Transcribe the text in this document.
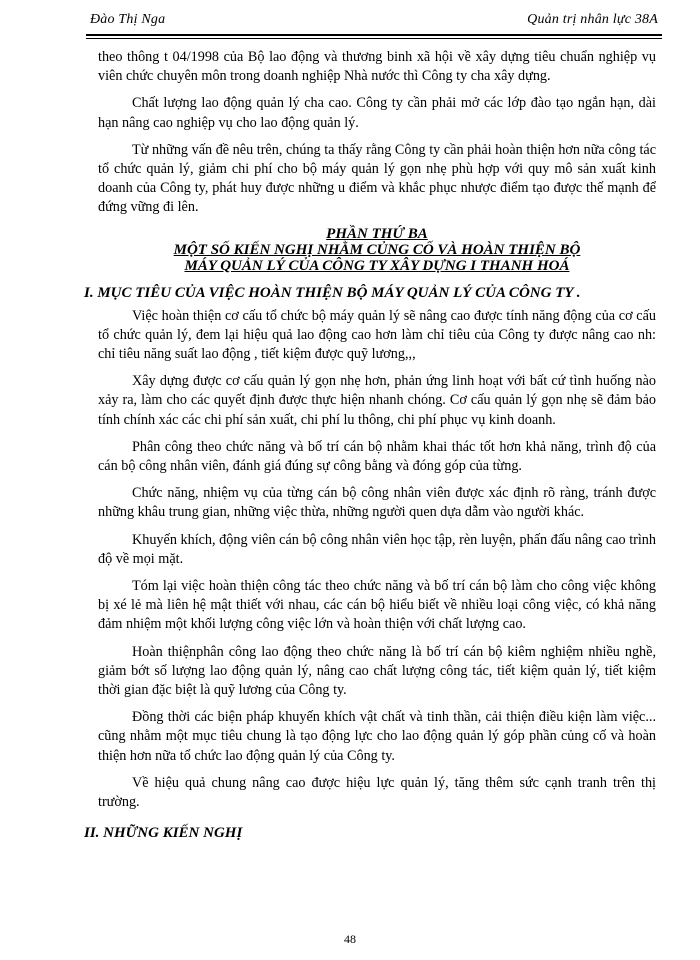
Đào Thị Nga	Quản trị nhân lực 38A

theo thông t 04/1998 của Bộ lao động và thương binh xã hội về xây dựng tiêu chuẩn nghiệp vụ viên chức chuyên môn trong doanh nghiệp Nhà nước thì Công ty cha xây dựng.

Chất lượng lao động quản lý cha cao. Công ty cần phải mở các lớp đào tạo ngắn hạn, dài hạn nâng cao nghiệp vụ cho lao động quản lý.

Từ những vấn đề nêu trên, chúng ta thấy rằng Công ty cần phải hoàn thiện hơn nữa công tác tổ chức quản lý, giảm chi phí cho bộ máy quản lý gọn nhẹ phù hợp với quy mô sản xuất kinh doanh của Công ty, phát huy được những u điểm và khắc phục nhược điểm tạo được thế mạnh để đứng vững đi lên.

PHẦN THỨ BA
MỘT SỐ KIẾN NGHỊ NHẰM CỦNG CỐ VÀ HOÀN THIỆN BỘ
MÁY QUẢN LÝ CỦA CÔNG TY XÂY DỰNG I THANH HOÁ
I. MỤC TIÊU CỦA VIỆC HOÀN THIỆN BỘ MÁY QUẢN LÝ CỦA CÔNG TY .

Việc hoàn thiện cơ cấu tổ chức bộ máy quản lý sẽ nâng cao được tính năng động của cơ cấu tổ chức quản lý, đem lại hiệu quả lao động cao hơn làm chỉ tiêu của Công ty được nâng cao nh: chỉ tiêu năng suất lao động , tiết kiệm được quỹ lương,,,

Xây dựng được cơ cấu quản lý gọn nhẹ hơn, phản ứng linh hoạt với bất cứ tình huống nào xảy ra, làm cho các quyết định được thực hiện nhanh chóng. Cơ cấu quản lý gọn nhẹ sẽ đảm bảo tính chính xác các chi phí sản xuất, chi phí lu thông, chi phí phục vụ kinh doanh.

Phân công theo chức năng và bố trí cán bộ nhằm khai thác tốt hơn khả năng, trình độ của cán bộ công nhân viên, đánh giá đúng sự công bằng và đóng góp của từng.

Chức năng, nhiệm vụ của từng cán bộ công nhân viên được xác định rõ ràng, tránh được những khâu trung gian, những việc thừa, những người quen dựa dẫm vào người khác.

Khuyến khích, động viên cán bộ công nhân viên học tập, rèn luyện, phấn đấu nâng cao trình độ về mọi mặt.

Tóm lại việc hoàn thiện công tác theo chức năng và bố trí cán bộ làm cho công việc không bị xé lẻ mà liên hệ mật thiết với nhau, các cán bộ hiểu biết về nhiều loại công việc, có khả năng đảm nhiệm một khối lượng công việc lớn và hoàn thiện với chất lượng cao.

Hoàn thiệnphân công lao động theo chức năng là bố trí cán bộ kiêm nghiệm nhiều nghề, giảm bớt số lượng lao động quản lý, nâng cao chất lượng công tác, tiết kiệm quản lý, tiết kiệm thời gian đặc biệt là quỹ lương của Công ty.

Đồng thời các biện pháp khuyến khích vật chất và tinh thần, cải thiện điều kiện làm việc... cũng nhằm một mục tiêu chung là tạo động lực cho lao động quản lý góp phần củng cố và hoàn thiện hơn nữa tổ chức lao động quản lý của Công ty.

Về hiệu quả chung nâng cao được hiệu lực quản lý, tăng thêm sức cạnh tranh trên thị trường.

II. NHỮNG KIẾN NGHỊ
48
